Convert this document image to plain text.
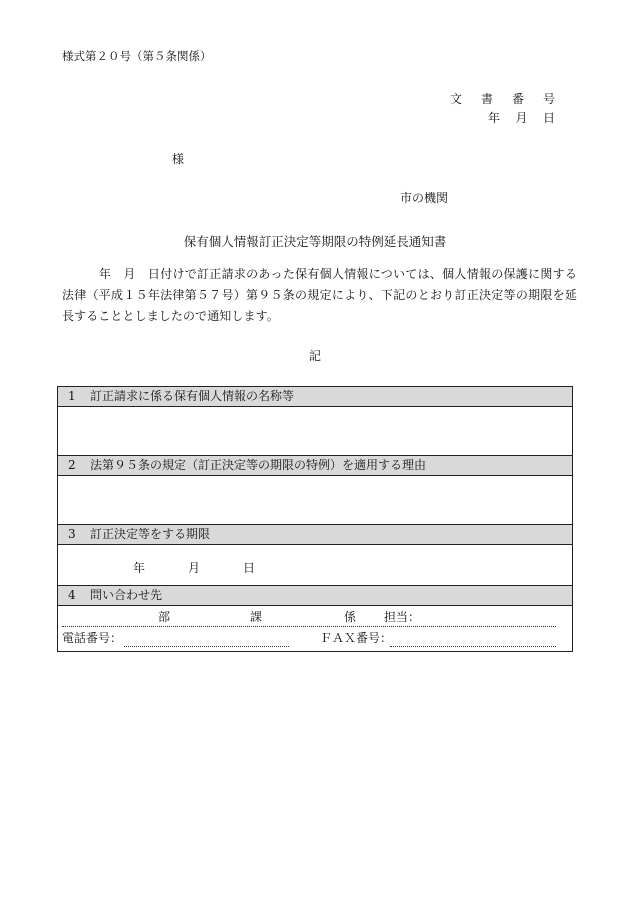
様式第２０号（第５条関係）
文 書 番 号
年 月 日
様
市の機関
保有個人情報訂正決定等期限の特例延長通知書
　　　年　月　日付けで訂正請求のあった保有個人情報については、個人情報の保護に関する法律（平成１５年法律第５７号）第９５条の規定により、下記のとおり訂正決定等の期限を延長することとしましたので通知します。
記
1 訂正請求に係る保有個人情報の名称等
2 法第９５条の規定（訂正決定等の期限の特例）を適用する理由
3 訂正決定等をする期限
年	月	日
4 問い合わせ先
部	課	係 担当：
電話番号：	ＦＡＸ番号：
